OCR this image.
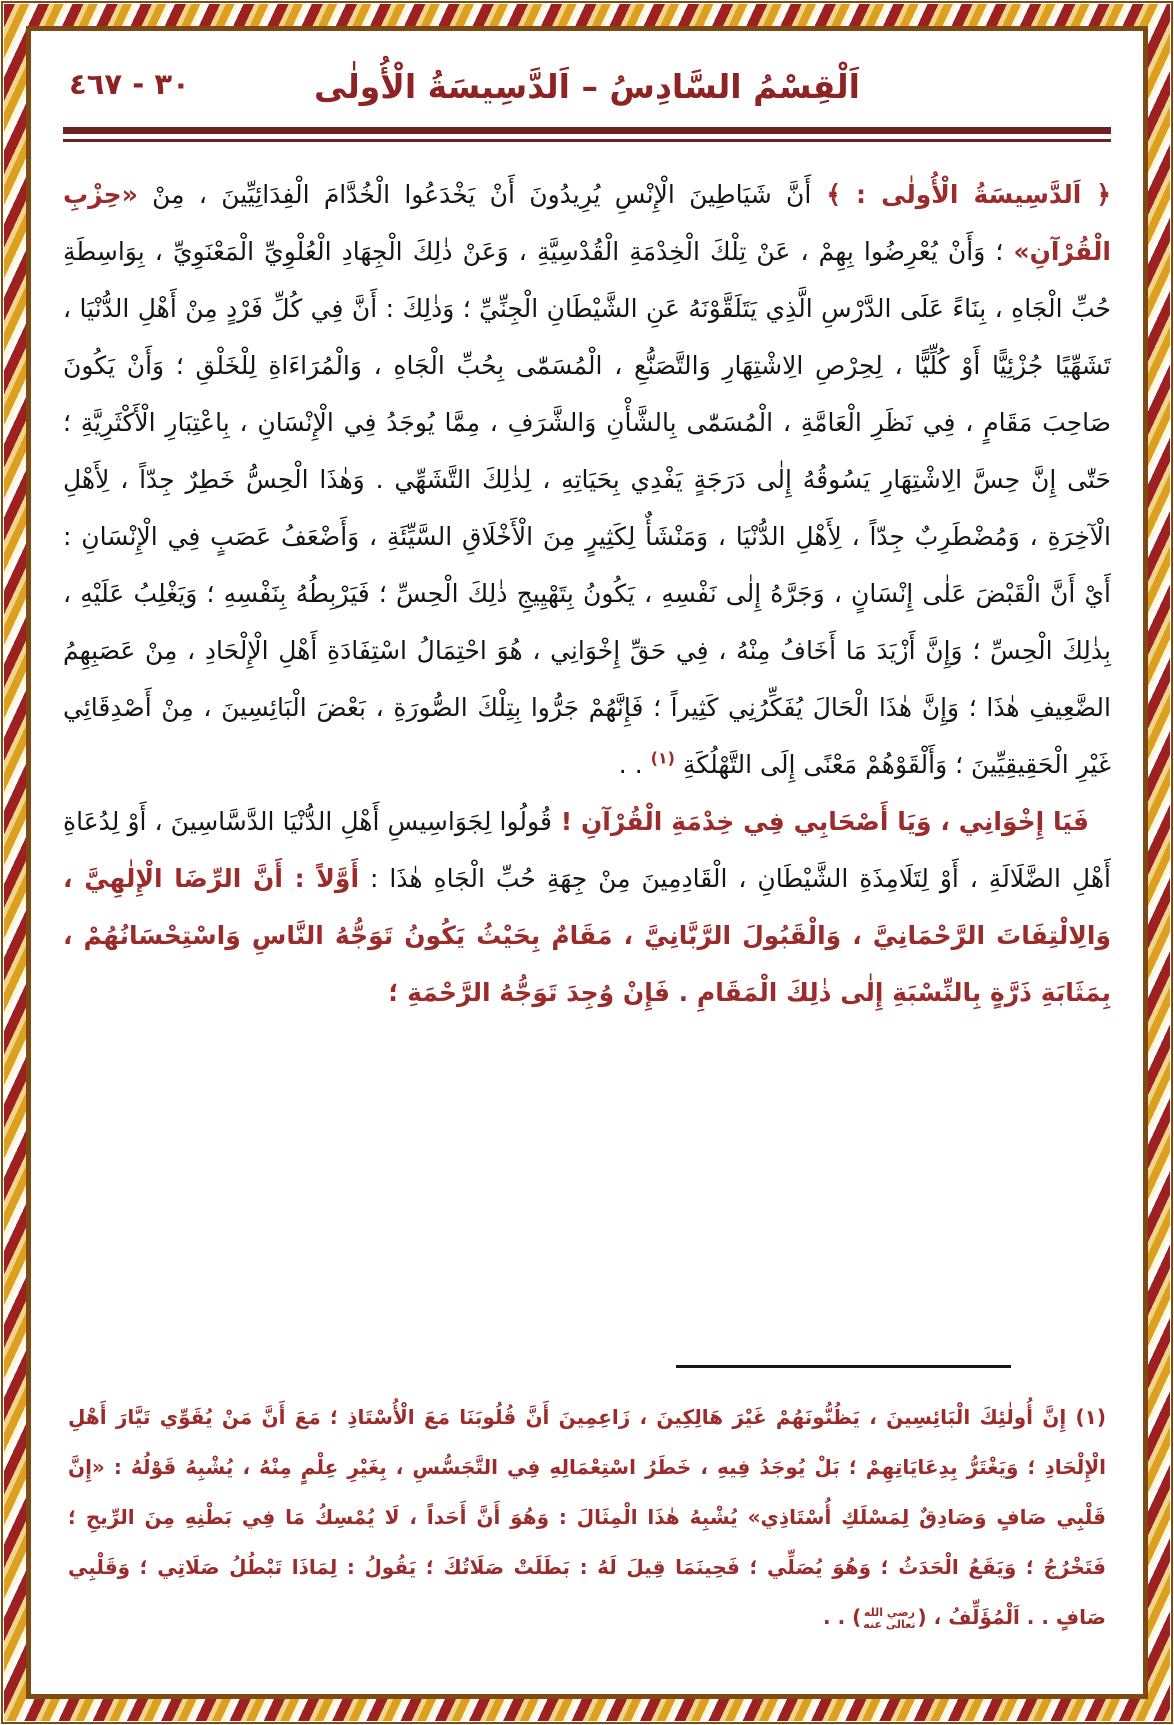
اَلْقِسْمُ السَّادِسُ – اَلدَّسِيسَةُ الْأُولٰى
٣٠ - ٤٦٧

﴿ اَلدَّسِيسَةُ الْأُولٰى : ﴾ أَنَّ شَيَاطِينَ الْإِنْسِ يُرِيدُونَ أَنْ يَخْدَعُوا الْخُدَّامَ الْفِدَائِيِّينَ ، مِنْ «حِزْبِ الْقُرْآنِ» ؛ وَأَنْ يُعْرِضُوا بِهِمْ ، عَنْ تِلْكَ الْخِدْمَةِ الْقُدْسِيَّةِ ، وَعَنْ ذٰلِكَ الْجِهَادِ الْعُلْوِيِّ الْمَعْنَوِيِّ ، بِوَاسِطَةِ حُبِّ الْجَاهِ ، بِنَاءً عَلَى الدَّرْسِ الَّذِي يَتَلَقَّوْنَهُ عَنِ الشَّيْطَانِ الْجِنِّيِّ ؛ وَذٰلِكَ : أَنَّ فِي كُلِّ فَرْدٍ مِنْ أَهْلِ الدُّنْيَا ، تَشَهِّيًا جُزْئِيًّا أَوْ كُلِّيًّا ، لِحِرْصِ الِاشْتِهَارِ وَالتَّصَنُّعِ ، الْمُسَمّٰى بِحُبِّ الْجَاهِ ، وَالْمُرَاءَاةِ لِلْخَلْقِ ؛ وَأَنْ يَكُونَ صَاحِبَ مَقَامٍ ، فِي نَظَرِ الْعَامَّةِ ، الْمُسَمّٰى بِالشَّأْنِ وَالشَّرَفِ ، مِمَّا يُوجَدُ فِي الْإِنْسَانِ ، بِاعْتِبَارِ الْأَكْثَرِيَّةِ ؛ حَتّٰى إِنَّ حِسَّ الِاشْتِهَارِ يَسُوقُهُ إِلٰى دَرَجَةٍ يَفْدِي بِحَيَاتِهِ ، لِذٰلِكَ التَّشَهِّي . وَهٰذَا الْحِسُّ خَطِرٌ جِدّاً ، لِأَهْلِ الْآخِرَةِ ، وَمُضْطَرِبٌ جِدّاً ، لِأَهْلِ الدُّنْيَا ، وَمَنْشَأٌ لِكَثِيرٍ مِنَ الْأَخْلَاقِ السَّيِّئَةِ ، وَأَضْعَفُ عَصَبٍ فِي الْإِنْسَانِ : أَيْ أَنَّ الْقَبْضَ عَلٰى إِنْسَانٍ ، وَجَرَّهُ إِلٰى نَفْسِهِ ، يَكُونُ بِتَهْيِيجِ ذٰلِكَ الْحِسِّ ؛ فَيَرْبِطُهُ بِنَفْسِهِ ؛ وَيَغْلِبُ عَلَيْهِ ، بِذٰلِكَ الْحِسِّ ؛ وَإِنَّ أَزْيَدَ مَا أَخَافُ مِنْهُ ، فِي حَقِّ إِخْوَانِي ، هُوَ احْتِمَالُ اسْتِفَادَةِ أَهْلِ الْإِلْحَادِ ، مِنْ عَصَبِهِمُ الضَّعِيفِ هٰذَا ؛ وَإِنَّ هٰذَا الْحَالَ يُفَكِّرُنِي كَثِيراً ؛ فَإِنَّهُمْ جَرُّوا بِتِلْكَ الصُّورَةِ ، بَعْضَ الْبَائِسِينَ ، مِنْ أَصْدِقَائِي غَيْرِ الْحَقِيقِيِّينَ ؛ وَأَلْقَوْهُمْ مَعْنًى إِلَى التَّهْلُكَةِ $^{(١)}$ . .

فَيَا إِخْوَانِي ، وَيَا أَصْحَابِي فِي خِدْمَةِ الْقُرْآنِ ! قُولُوا لِجَوَاسِيسِ أَهْلِ الدُّنْيَا الدَّسَّاسِينَ ، أَوْ لِدُعَاةِ أَهْلِ الضَّلَالَةِ ، أَوْ لِتَلَامِذَةِ الشَّيْطَانِ ، الْقَادِمِينَ مِنْ جِهَةِ حُبِّ الْجَاهِ هٰذَا : أَوَّلاً : أَنَّ الرِّضَا الْإِلٰهِيَّ ، وَالِالْتِفَاتَ الرَّحْمَانِيَّ ، وَالْقَبُولَ الرَّبَّانِيَّ ، مَقَامٌ بِحَيْثُ يَكُونُ تَوَجُّهُ النَّاسِ وَاسْتِحْسَانُهُمْ ، بِمَثَابَةِ ذَرَّةٍ بِالنِّسْبَةِ إِلٰى ذٰلِكَ الْمَقَامِ . فَإِنْ وُجِدَ تَوَجُّهُ الرَّحْمَةِ ؛

(١) إِنَّ أُولٰئِكَ الْبَائِسِينَ ، يَظُنُّونَهُمْ غَيْرَ هَالِكِينَ ، زَاعِمِينَ أَنَّ قُلُوبَنَا مَعَ الْأُسْتَاذِ ؛ مَعَ أَنَّ مَنْ يُقَوِّي تَيَّارَ أَهْلِ الْإِلْحَادِ ؛ وَيَغْتَرُّ بِدِعَايَاتِهِمْ ؛ بَلْ يُوجَدُ فِيهِ ، خَطَرُ اسْتِعْمَالِهِ فِي التَّجَسُّسِ ، بِغَيْرِ عِلْمٍ مِنْهُ ، يُشْبِهُ قَوْلُهُ : «إِنَّ قَلْبِي صَافٍ وَصَادِقٌ لِمَسْلَكِ أُسْتَاذِي» يُشْبِهُ هٰذَا الْمِثَالَ : وَهُوَ أَنَّ أَحَداً ، لَا يُمْسِكُ مَا فِي بَطْنِهِ مِنَ الرِّيحِ ؛ فَتَخْرُجُ ؛ وَيَقَعُ الْحَدَثُ ؛ وَهُوَ يُصَلِّي ؛ فَحِينَمَا قِيلَ لَهُ : بَطَلَتْ صَلَاتُكَ ؛ يَقُولُ : لِمَاذَا تَبْطُلُ صَلَاتِي ؛ وَقَلْبِي صَافٍ . . اَلْمُؤَلِّفُ ، (
رضي الله
تعالى عنه
) . .
